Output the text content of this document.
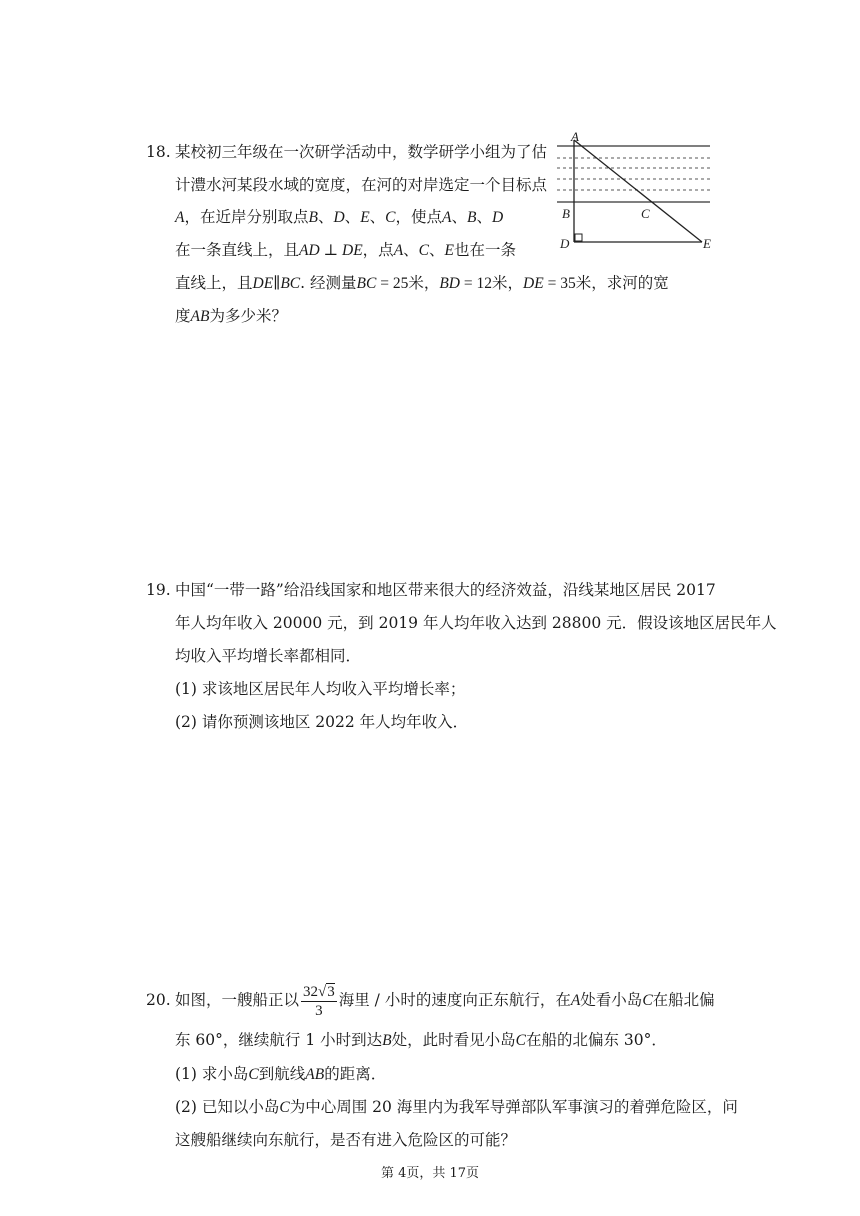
18. 某校初三年级在一次研学活动中，数学研学小组为了估
计澧水河某段水域的宽度，在河的对岸选定一个目标点
A，在近岸分别取点B、D、E、C，使点A、B、D
在一条直线上，且AD ⊥ DE，点A、C、E也在一条
直线上，且DE∥BC. 经测量BC = 25米，BD = 12米，DE = 35米，求河的宽
度AB为多少米？
A
B	C
D	E
19. 中国“一带一路”给沿线国家和地区带来很大的经济效益，沿线某地区居民 2017
年人均年收入 20000 元，到 2019 年人均年收入达到 28800 元．假设该地区居民年人
均收入平均增长率都相同．
(1) 求该地区居民年人均收入平均增长率；
(2) 请你预测该地区 2022 年人均年收入．
20. 如图，一艘船正以 $\frac{32√3}{3}$ 海里 / 小时的速度向正东航行，在A处看小岛C在船北偏
东 60°，继续航行 1 小时到达B处，此时看见小岛C在船的北偏东 30°．
(1) 求小岛C到航线AB的距离．
(2) 已知以小岛C为中心周围 20 海里内为我军导弹部队军事演习的着弹危险区，问
这艘船继续向东航行，是否有进入危险区的可能？
第 4页，共 17页
